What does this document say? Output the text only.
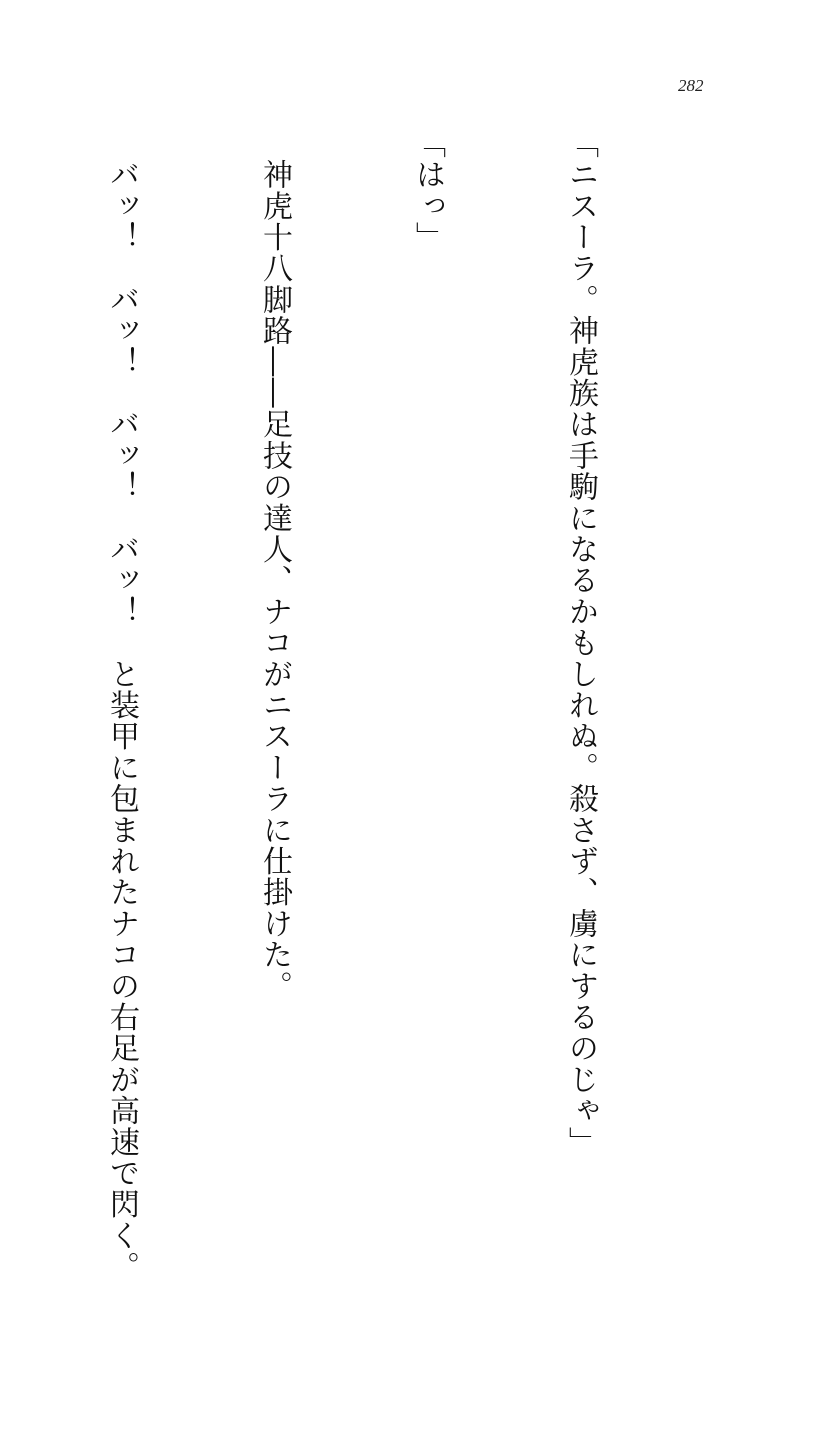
282

「ニスーラ。神虎族は手駒になるかもしれぬ。殺さず、虜にするのじゃ」

「はっ」

　神虎十八脚路――足技の達人、ナコがニスーラに仕掛けた。

　バッ！　バッ！　バッ！　バッ！　と装甲に包まれたナコの右足が高速で閃く。
